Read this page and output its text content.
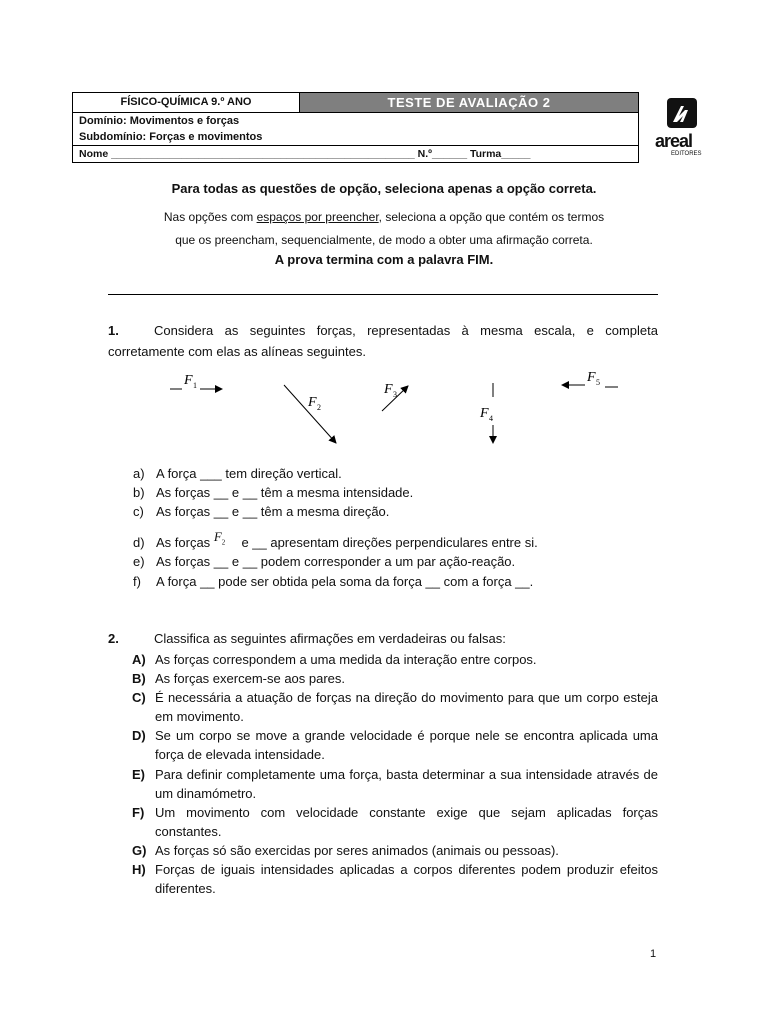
FÍSICO-QUÍMICA 9.º ANO	TESTE DE AVALIAÇÃO 2
Domínio: Movimentos e forças
Subdomínio: Forças e movimentos
Nome ____________________________________________________ N.º______ Turma_____
areal
EDITORES
Para todas as questões de opção, seleciona apenas a opção correta.
Nas opções com espaços por preencher, seleciona a opção que contém os termos
que os preencham, sequencialmente, de modo a obter uma afirmação correta.
A prova termina com a palavra FIM.
1.	Considera as seguintes forças, representadas à mesma escala, e completa corretamente com elas as alíneas seguintes.
F 1
F 2
F 3
F 4
F 5
a) A força ___ tem direção vertical.
b) As forças __ e __ têm a mesma intensidade.
c) As forças __ e __ têm a mesma direção.
d) As forças $F_2$ e __ apresentam direções perpendiculares entre si.
e) As forças __ e __ podem corresponder a um par ação-reação.
f) A força __ pode ser obtida pela soma da força __ com a força __.
2.	Classifica as seguintes afirmações em verdadeiras ou falsas:
A) As forças correspondem a uma medida da interação entre corpos.
B) As forças exercem-se aos pares.
C) É necessária a atuação de forças na direção do movimento para que um corpo esteja em movimento.
D) Se um corpo se move a grande velocidade é porque nele se encontra aplicada uma força de elevada intensidade.
E) Para definir completamente uma força, basta determinar a sua intensidade através de um dinamómetro.
F) Um movimento com velocidade constante exige que sejam aplicadas forças constantes.
G) As forças só são exercidas por seres animados (animais ou pessoas).
H) Forças de iguais intensidades aplicadas a corpos diferentes podem produzir efeitos diferentes.
1
